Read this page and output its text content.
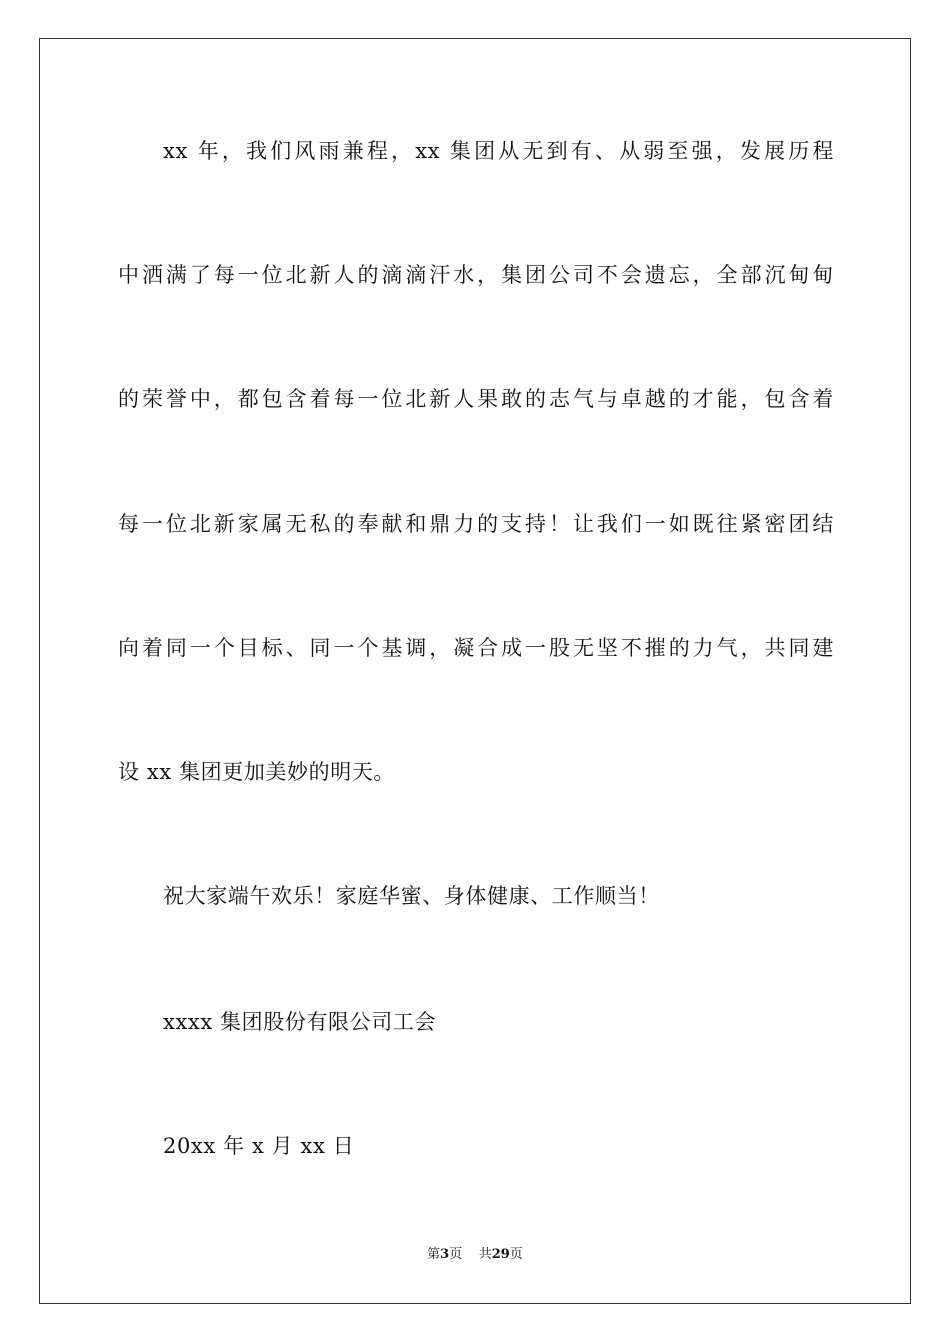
xx 年，我们风雨兼程，xx 集团从无到有、从弱至强，发展历程
中洒满了每一位北新人的滴滴汗水，集团公司不会遗忘，全部沉甸甸
的荣誉中，都包含着每一位北新人果敢的志气与卓越的才能，包含着
每一位北新家属无私的奉献和鼎力的支持！让我们一如既往紧密团结
向着同一个目标、同一个基调，凝合成一股无坚不摧的力气，共同建
设 xx 集团更加美妙的明天。
祝大家端午欢乐！家庭华蜜、身体健康、工作顺当！
xxxx 集团股份有限公司工会
20xx 年 x 月 xx 日
第3页 共29页
